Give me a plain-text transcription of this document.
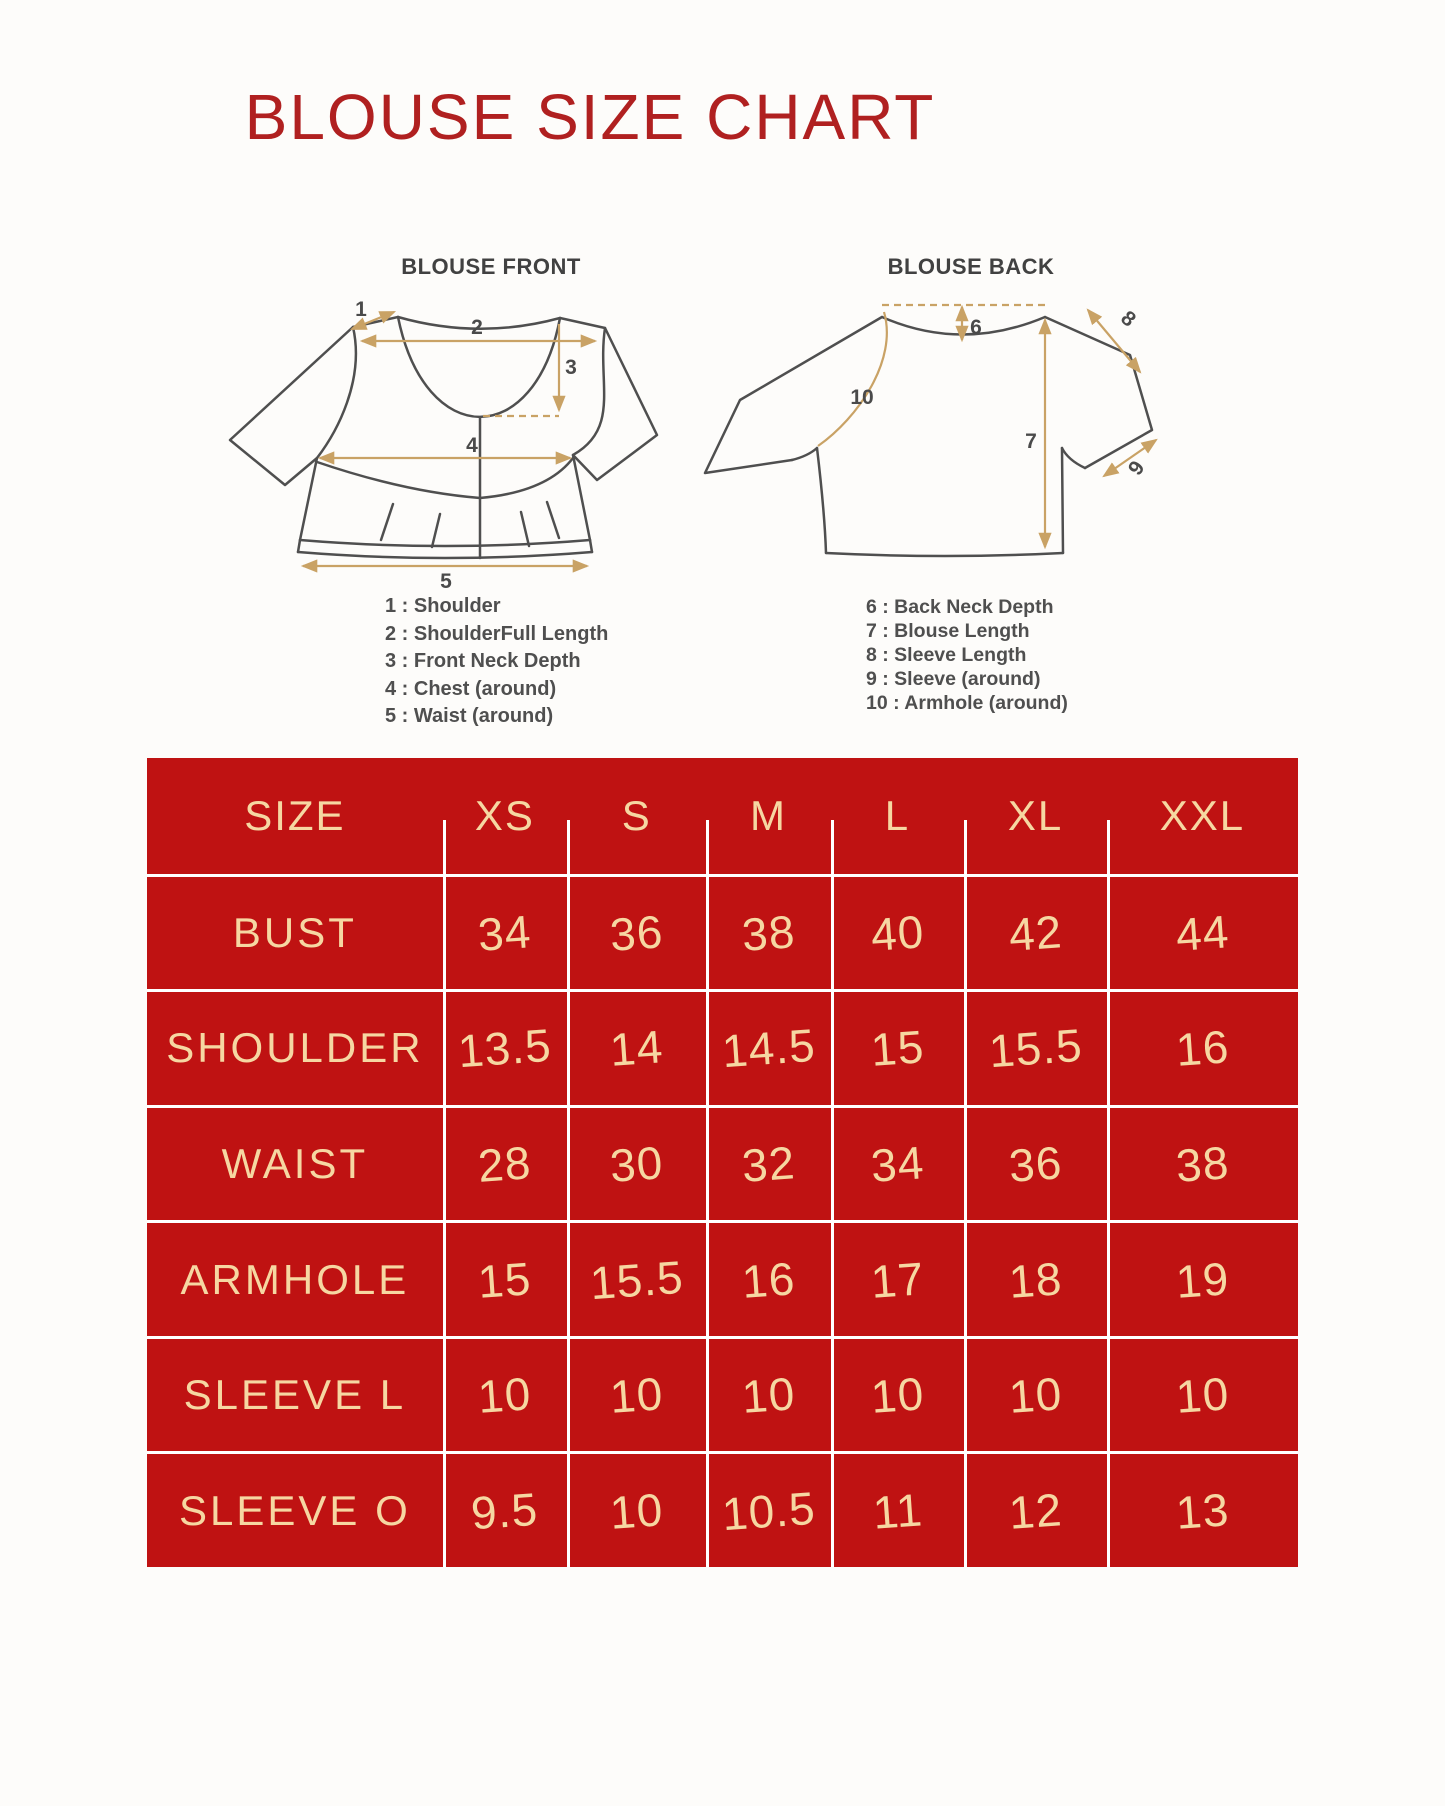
BLOUSE SIZE CHART
BLOUSE FRONT	BLOUSE BACK
1
2
3
4
5
6
7
8
9
10
1 : Shoulder
2 : ShoulderFull Length
3 : Front Neck Depth
4 : Chest (around)
5 : Waist (around)
6 : Back Neck Depth
7 : Blouse Length
8 : Sleeve Length
9 : Sleeve (around)
10 : Armhole (around)
SIZE	XS S M L XL XXL
BUST	34 36 38 40 42 44
SHOULDER 13.5 14 14.5 15 15.5 16
WAIST 28 30 32 34 36 38
ARMHOLE 15 15.5 16 17 18 19
SLEEVE L 10 10 10 10 10 10
SLEEVE O 9.5 10 10.5 11 12 13
